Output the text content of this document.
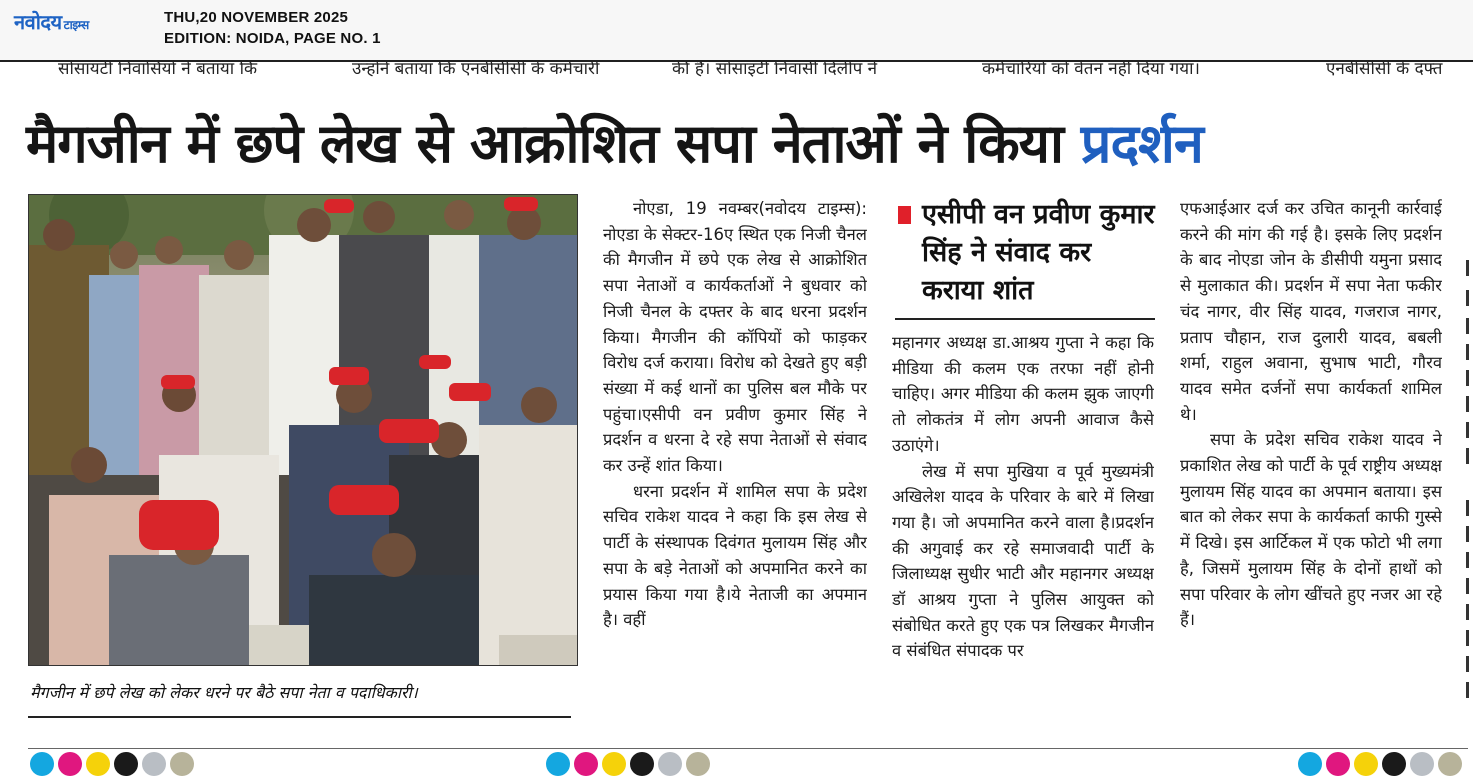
नवोदय टाइम्स	THU,20 NOVEMBER 2025
EDITION: NOIDA, PAGE NO. 1
सोसायटी निवासियों ने बताया कि	उन्होंने बताया कि एनबीसीसी के कर्मचारी	की है। सोसाइटी निवासी दिलीप ने	कर्मचारियों को वेतन नहीं दिया गया।	एनबीसीसी के दफ्त
मैगजीन में छपे लेख से आक्रोशित सपा नेताओं ने किया प्रदर्शन
मैगजीन में छपे लेख को लेकर धरने पर बैठे सपा नेता व पदाधिकारी।

नोएडा, 19 नवम्बर(नवोदय टाइम्स): नोएडा के सेक्टर-16ए स्थित एक निजी चैनल की मैगजीन में छपे एक लेख से आक्रोशित सपा नेताओं व कार्यकर्ताओं ने बुधवार को निजी चैनल के दफ्तर के बाद धरना प्रदर्शन किया। मैगजीन की कॉपियों को फाड़कर विरोध दर्ज कराया। विरोध को देखते हुए बड़ी संख्या में कई थानों का पुलिस बल मौके पर पहुंचा।एसीपी वन प्रवीण कुमार सिंह ने प्रदर्शन व धरना दे रहे सपा नेताओं से संवाद कर उन्हें शांत किया।

धरना प्रदर्शन में शामिल सपा के प्रदेश सचिव राकेश यादव ने कहा कि इस लेख से पार्टी के संस्थापक दिवंगत मुलायम सिंह और सपा के बड़े नेताओं को अपमानित करने का प्रयास किया गया है।ये नेताजी का अपमान है। वहीं

एसीपी वन प्रवीण कुमार सिंह ने संवाद कर कराया शांत

महानगर अध्यक्ष डा.आश्रय गुप्ता ने कहा कि मीडिया की कलम एक तरफा नहीं होनी चाहिए। अगर मीडिया की कलम झुक जाएगी तो लोकतंत्र में लोग अपनी आवाज कैसे उठाएंगे।

लेख में सपा मुखिया व पूर्व मुख्यमंत्री अखिलेश यादव के परिवार के बारे में लिखा गया है। जो अपमानित करने वाला है।प्रदर्शन की अगुवाई कर रहे समाजवादी पार्टी के जिलाध्यक्ष सुधीर भाटी और महानगर अध्यक्ष डॉ आश्रय गुप्ता ने पुलिस आयुक्त को संबोधित करते हुए एक पत्र लिखकर मैगजीन व संबंधित संपादक पर

एफआईआर दर्ज कर उचित कानूनी कार्रवाई करने की मांग की गई है। इसके लिए प्रदर्शन के बाद नोएडा जोन के डीसीपी यमुना प्रसाद से मुलाकात की। प्रदर्शन में सपा नेता फकीर चंद नागर, वीर सिंह यादव, गजराज नागर, प्रताप चौहान, राज दुलारी यादव, बबली शर्मा, राहुल अवाना, सुभाष भाटी, गौरव यादव समेत दर्जनों सपा कार्यकर्ता शामिल थे।

सपा के प्रदेश सचिव राकेश यादव ने प्रकाशित लेख को पार्टी के पूर्व राष्ट्रीय अध्यक्ष मुलायम सिंह यादव का अपमान बताया। इस बात को लेकर सपा के कार्यकर्ता काफी गुस्से में दिखे। इस आर्टिकल में एक फोटो भी लगा है, जिसमें मुलायम सिंह के दोनों हाथों को सपा परिवार के लोग खींचते हुए नजर आ रहे हैं।
